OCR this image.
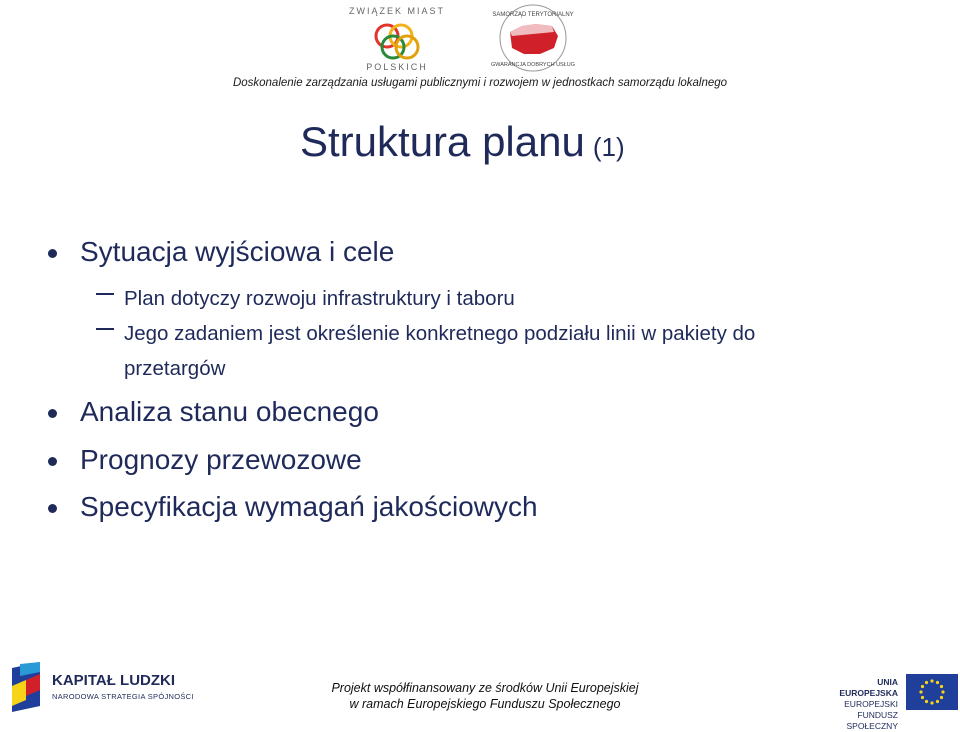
ZWIĄZEK MIAST
POLSKICH
SAMORZĄD TERYTORIALNY
GWARANCJA DOBRYCH USŁUG
Doskonalenie zarządzania usługami publicznymi i rozwojem w jednostkach samorządu lokalnego
Struktura planu (1)
Sytuacja wyjściowa i cele
Plan dotyczy rozwoju infrastruktury i taboru
Jego zadaniem jest określenie konkretnego podziału linii w pakiety do
przetargów
Analiza stanu obecnego
Prognozy przewozowe
Specyfikacja wymagań jakościowych
KAPITAŁ LUDZKI
NARODOWA STRATEGIA SPÓJNOŚCI
Projekt współfinansowany ze środków Unii Europejskiej
w ramach Europejskiego Funduszu Społecznego
UNIA EUROPEJSKA
EUROPEJSKI
FUNDUSZ SPOŁECZNY
